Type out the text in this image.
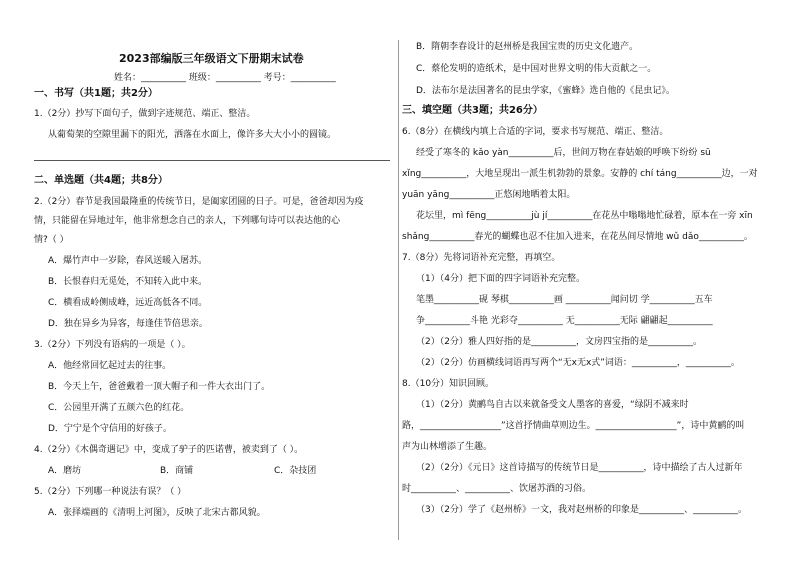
2023部编版三年级语文下册期末试卷
姓名：__________ 班级：__________ 考号：__________
一、书写（共1题；共2分）
1.（2分）抄写下面句子，做到字迹规范、端正、整洁。
从葡萄架的空隙里漏下的阳光，洒落在水面上，像许多大大小小的圆镜。
二、单选题（共4题；共8分）
2.（2分）春节是我国最隆重的传统节日，是阖家团圆的日子。可是，爸爸却因为疫
情，只能留在异地过年，他非常想念自己的亲人，下列哪句诗可以表达他的心
情?（ ）
A．爆竹声中一岁除，春风送暖入屠苏。
B．长恨春归无觅处，不知转入此中来。
C．横看成岭侧成峰，远近高低各不同。
D．独在异乡为异客，每逢佳节倍思亲。
3.（2分）下列没有语病的一项是（ ）。
A．他经常回忆起过去的往事。
B．今天上午，爸爸戴着一顶大帽子和一件大衣出门了。
C．公园里开满了五颜六色的红花。
D．宁宁是个守信用的好孩子。
4.（2分）《木偶奇遇记》中，变成了驴子的匹诺曹，被卖到了（ ）。
A．磨坊	B．商铺	C．杂技团
5.（2分）下列哪一种说法有误？（ ）
A．张择端画的《清明上河图》，反映了北宋古都风貌。
B．隋朝李春设计的赵州桥是我国宝贵的历史文化遗产。
C．蔡伦发明的造纸术，是中国对世界文明的伟大贡献之一。
D．法布尔是法国著名的昆虫学家，《蜜蜂》选自他的《昆虫记》。
三、填空题（共3题；共26分）
6.（8分）在横线内填上合适的字词，要求书写规范、端正、整洁。
经受了寒冬的 kǎo yàn__________后，世间万物在春姑娘的呼唤下纷纷 sū
xǐng__________，大地呈现出一派生机勃勃的景象。安静的 chí táng__________边，一对
yuān yāng__________正悠闲地晒着太阳。
花坛里，mì fēng__________jù jí__________在花丛中嗡嗡地忙碌着，原本在一旁 xīn
shǎng__________春光的蝴蝶也忍不住加入进来，在花丛间尽情地 wǔ dǎo__________。
7.（8分）先将词语补充完整，再填空。
（1）（4分）把下面的四字词语补充完整。
笔墨__________砚 琴棋__________画 __________闻问切 学__________五车
争__________斗艳 光彩夺__________ 无__________无际 翩翩起__________
（2）（2分）雅人四好指的是__________，文房四宝指的是__________。
（2）（2分）仿画横线词语再写两个“无x无x式”词语：__________，__________。
8.（10分）知识回顾。
（1）（2分）黄鹂鸟自古以来就备受文人墨客的喜爱，“绿阴不减来时
路，__________________”这首抒情曲草则边生。__________________”，诗中黄鹂的叫
声为山林增添了生趣。
（2）（2分）《元日》这首诗描写的传统节日是__________，诗中描绘了古人过新年
时__________、__________、饮屠苏酒的习俗。
（3）（2分）学了《赵州桥》一文，我对赵州桥的印象是__________、__________。
